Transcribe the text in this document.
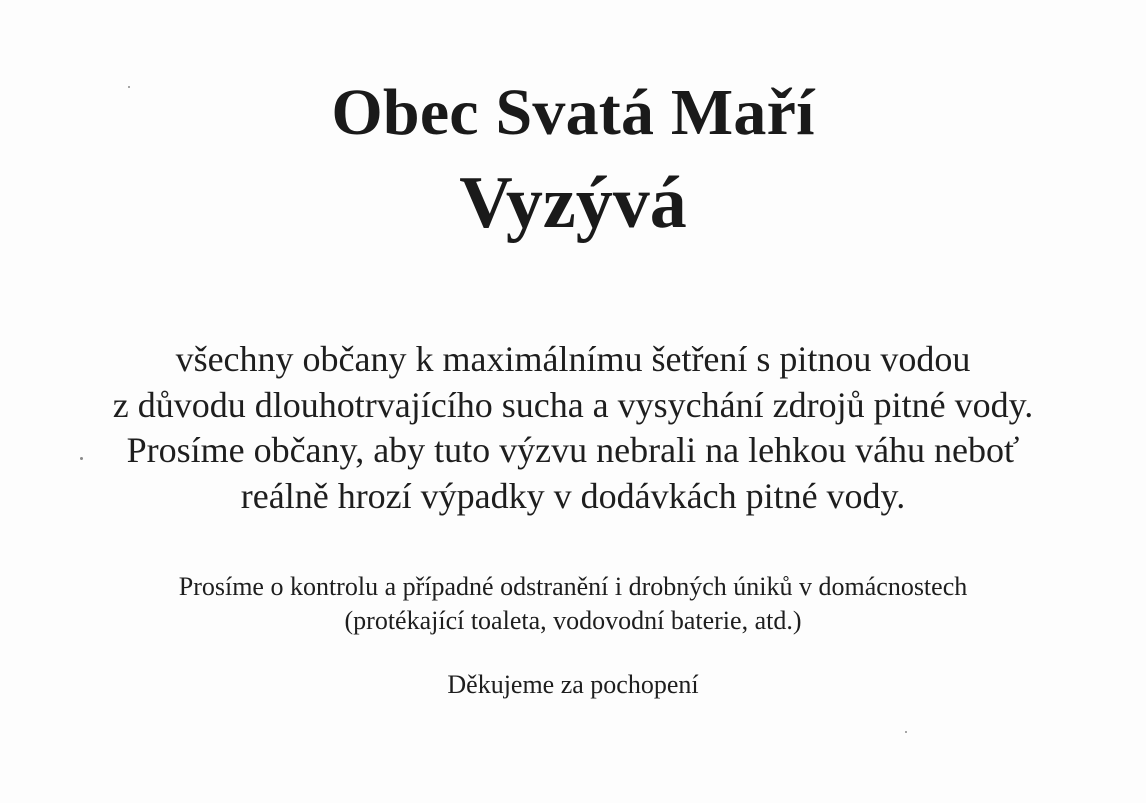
Obec Svatá Maří
Vyzývá
všechny občany k maximálnímu šetření s pitnou vodou
z důvodu dlouhotrvajícího sucha a vysychání zdrojů pitné vody.
Prosíme občany, aby tuto výzvu nebrali na lehkou váhu neboť
reálně hrozí výpadky v dodávkách pitné vody.
Prosíme o kontrolu a případné odstranění i drobných úniků v domácnostech
(protékající toaleta, vodovodní baterie, atd.)
Děkujeme za pochopení
